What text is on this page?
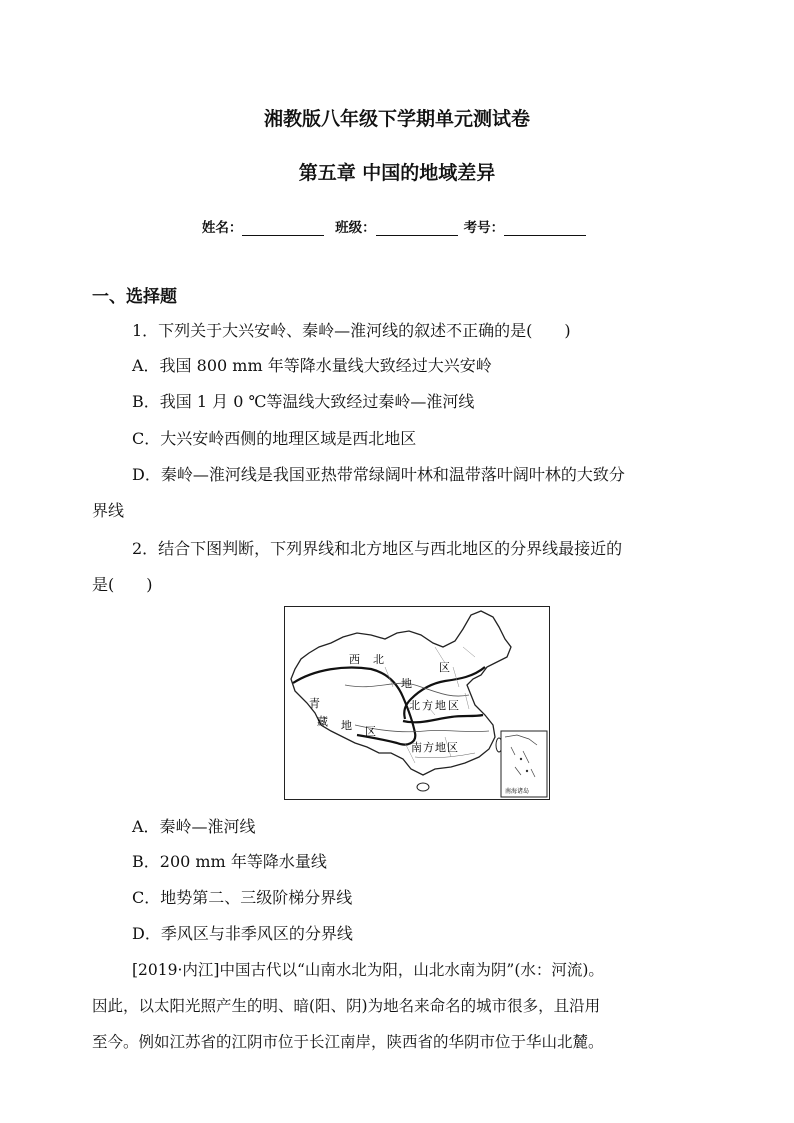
湘教版八年级下学期单元测试卷
第五章 中国的地域差异
姓名：	班级：	考号：
一、选择题
1．下列关于大兴安岭、秦岭—淮河线的叙述不正确的是(　　)
A．我国 800 mm 年等降水量线大致经过大兴安岭
B．我国 1 月 0 ℃等温线大致经过秦岭—淮河线
C．大兴安岭西侧的地理区域是西北地区
D．秦岭—淮河线是我国亚热带常绿阔叶林和温带落叶阔叶林的大致分
界线
2．结合下图判断，下列界线和北方地区与西北地区的分界线最接近的
是(　　)
西 北
地
区
青
藏 地 区
北方地区
南方地区
南海诸岛
A．秦岭—淮河线
B．200 mm 年等降水量线
C．地势第二、三级阶梯分界线
D．季风区与非季风区的分界线
[2019·内江]中国古代以“山南水北为阳，山北水南为阴”(水：河流)。
因此，以太阳光照产生的明、暗(阳、阴)为地名来命名的城市很多，且沿用
至今。例如江苏省的江阴市位于长江南岸，陕西省的华阴市位于华山北麓。
